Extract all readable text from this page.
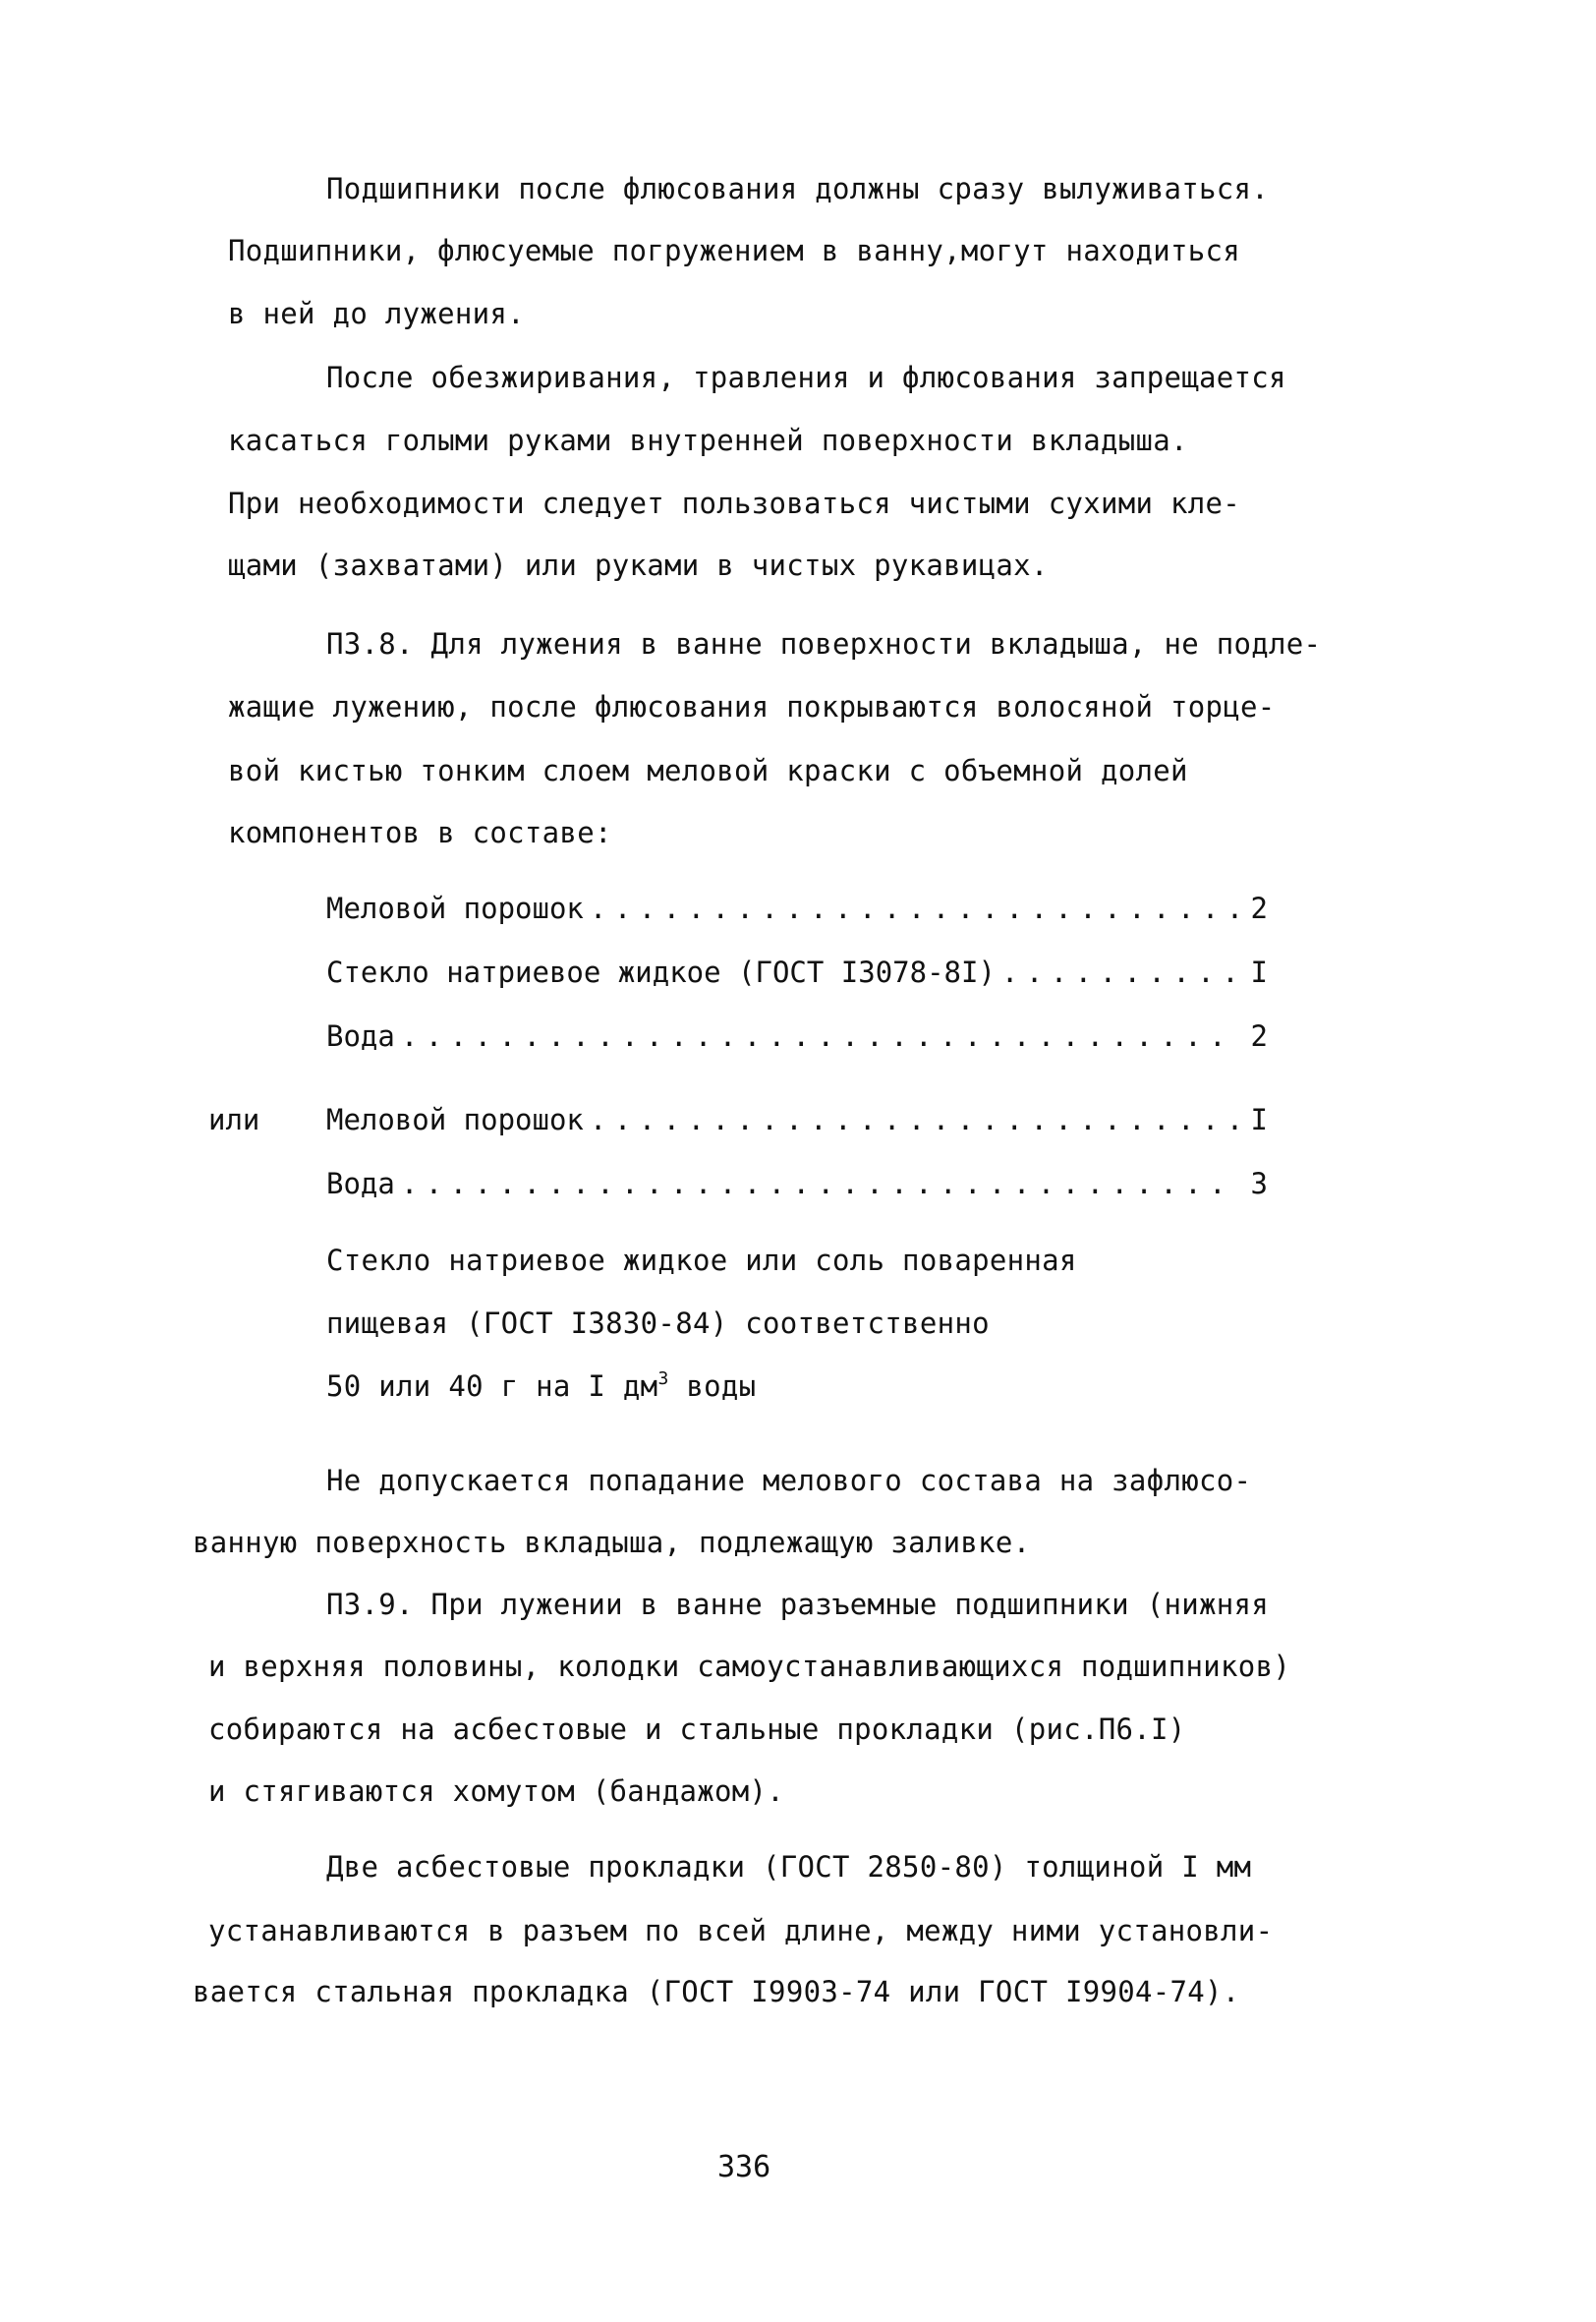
Подшипники после флюсования должны сразу вылуживаться.
Подшипники, флюсуемые погружением в ванну,могут находиться
в ней до лужения.
После обезжиривания, травления и флюсования запрещается
касаться голыми руками внутренней поверхности вкладыша.
При необходимости следует пользоваться чистыми сухими кле-
щами (захватами) или руками в чистых рукавицах.
П3.8. Для лужения в ванне поверхности вкладыша, не подле-
жащие лужению, после флюсования покрываются волосяной торце-
вой кистью тонким слоем меловой краски с объемной долей
компонентов в составе:
Меловой порошок . . .	2
Стекло натриевое жидкое (ГОСТ I3078-8I) . . .	I
Вода . . .	2
или Меловой порошок . . .	I
Вода . . .	3
Стекло натриевое жидкое или соль поваренная
пищевая (ГОСТ I3830-84) соответственно
50 или 40 г на I $дм^3$ воды
Не допускается попадание мелового состава на зафлюсо-
ванную поверхность вкладыша, подлежащую заливке.
П3.9. При лужении в ванне разъемные подшипники (нижняя
и верхняя половины, колодки самоустанавливающихся подшипников)
собираются на асбестовые и стальные прокладки (рис.П6.I)
и стягиваются хомутом (бандажом).
Две асбестовые прокладки (ГОСТ 2850-80) толщиной I мм
устанавливаются в разъем по всей длине, между ними установли-
вается стальная прокладка (ГОСТ I9903-74 или ГОСТ I9904-74).
336
